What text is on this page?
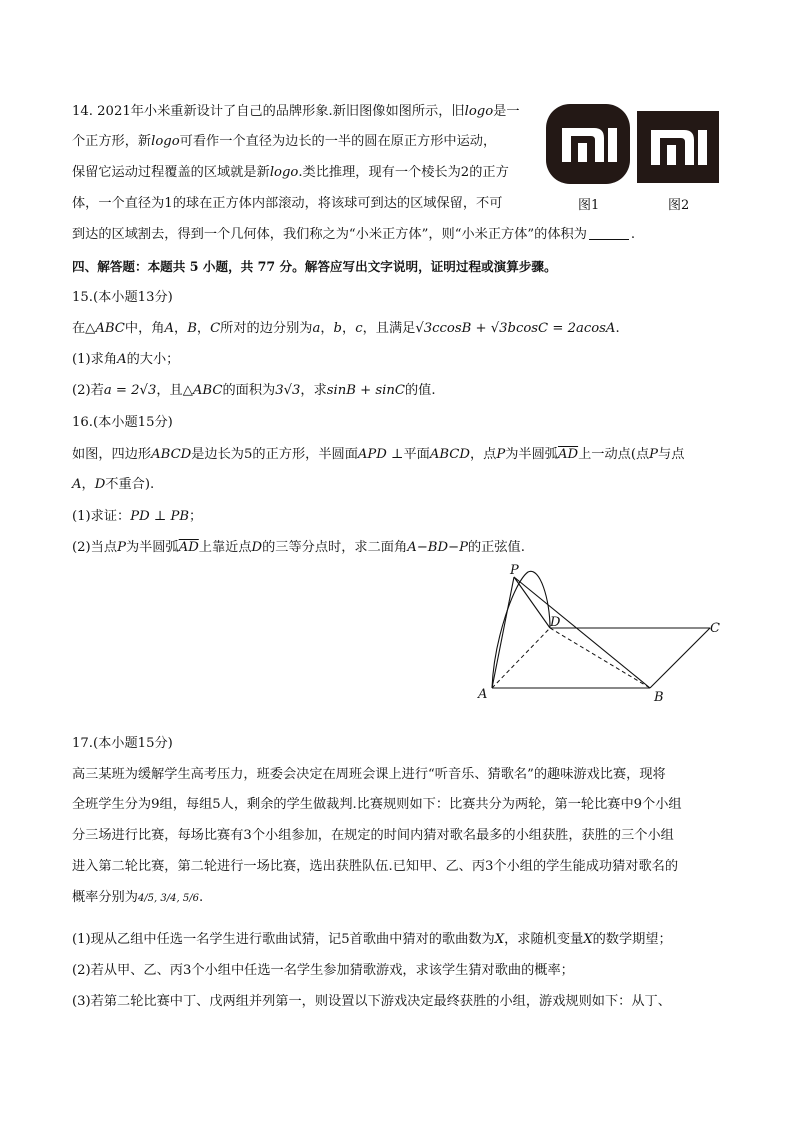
14. 2021年小米重新设计了自己的品牌形象.新旧图像如图所示，旧logo是一
个正方形，新logo可看作一个直径为边长的一半的圆在原正方形中运动，
保留它运动过程覆盖的区域就是新logo.类比推理，现有一个棱长为2的正方
体，一个直径为1的球在正方体内部滚动，将该球可到达的区域保留，不可
到达的区域割去，得到一个几何体，我们称之为“小米正方体”，则“小米正方体”的体积为	.
图1	图2
四、解答题：本题共 5 小题，共 77 分。解答应写出文字说明，证明过程或演算步骤。
15.(本小题13分)
在△ABC中，角A，B，C所对的边分别为a，b，c，且满足√3ccosB + √3bcosC = 2acosA.
(1)求角A的大小；
(2)若a = 2√3，且△ABC的面积为3√3，求sinB + sinC的值.
16.(本小题15分)
如图，四边形ABCD是边长为5的正方形，半圆面APD ⊥平面ABCD，点P为半圆弧$\overline{AD}$上一动点(点P与点
A，D不重合).
(1)求证：PD ⊥ PB；
(2)当点P为半圆弧$\overline{AD}$上靠近点D的三等分点时，求二面角A−BD−P的正弦值.
P
D	C
A	B
17.(本小题15分)
高三某班为缓解学生高考压力，班委会决定在周班会课上进行“听音乐、猜歌名”的趣味游戏比赛，现将
全班学生分为9组，每组5人，剩余的学生做裁判.比赛规则如下：比赛共分为两轮，第一轮比赛中9个小组
分三场进行比赛，每场比赛有3个小组参加，在规定的时间内猜对歌名最多的小组获胜，获胜的三个小组
进入第二轮比赛，第二轮进行一场比赛，选出获胜队伍.已知甲、乙、丙3个小组的学生能成功猜对歌名的
概率分别为4/5, 3/4, 5/6.
(1)现从乙组中任选一名学生进行歌曲试猜，记5首歌曲中猜对的歌曲数为X，求随机变量X的数学期望；
(2)若从甲、乙、丙3个小组中任选一名学生参加猜歌游戏，求该学生猜对歌曲的概率；
(3)若第二轮比赛中丁、戊两组并列第一，则设置以下游戏决定最终获胜的小组，游戏规则如下：从丁、
